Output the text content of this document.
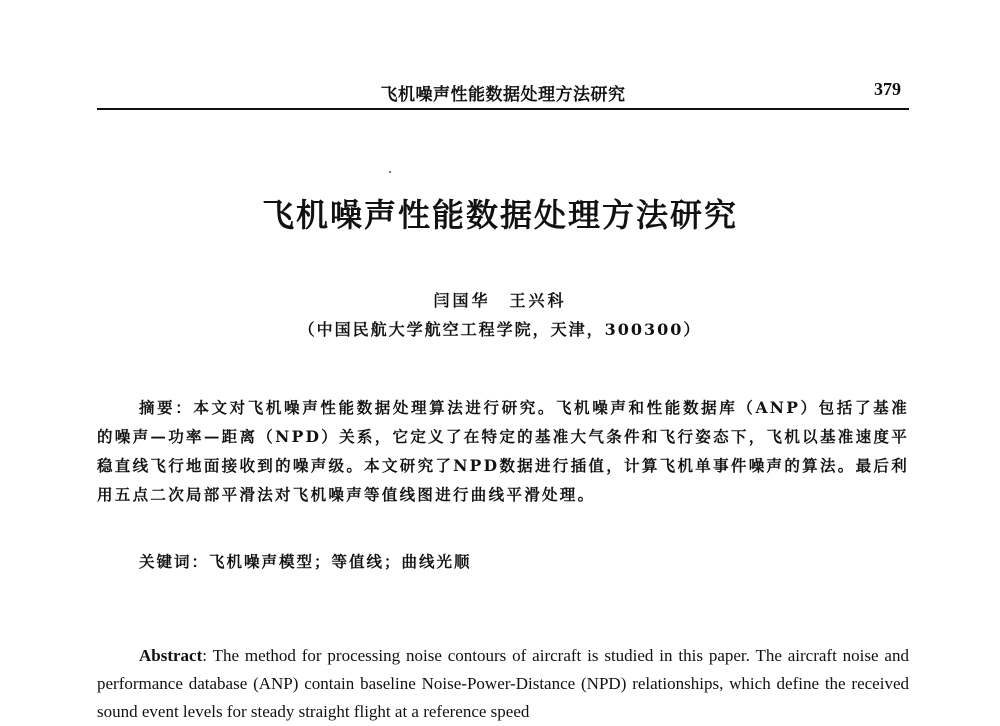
飞机噪声性能数据处理方法研究	379
飞机噪声性能数据处理方法研究
闫国华　王兴科
（中国民航大学航空工程学院，天津，300300）
摘要：本文对飞机噪声性能数据处理算法进行研究。飞机噪声和性能数据库（ANP）包括了基准的噪声—功率—距离（NPD）关系，它定义了在特定的基准大气条件和飞行姿态下，飞机以基准速度平稳直线飞行地面接收到的噪声级。本文研究了NPD数据进行插值，计算飞机单事件噪声的算法。最后利用五点二次局部平滑法对飞机噪声等值线图进行曲线平滑处理。
关键词：飞机噪声模型；等值线；曲线光顺
Abstract: The method for processing noise contours of aircraft is studied in this paper. The aircraft noise and performance database (ANP) contain baseline Noise-Power-Distance (NPD) relationships, which define the received sound event levels for steady straight flight at a reference speed
